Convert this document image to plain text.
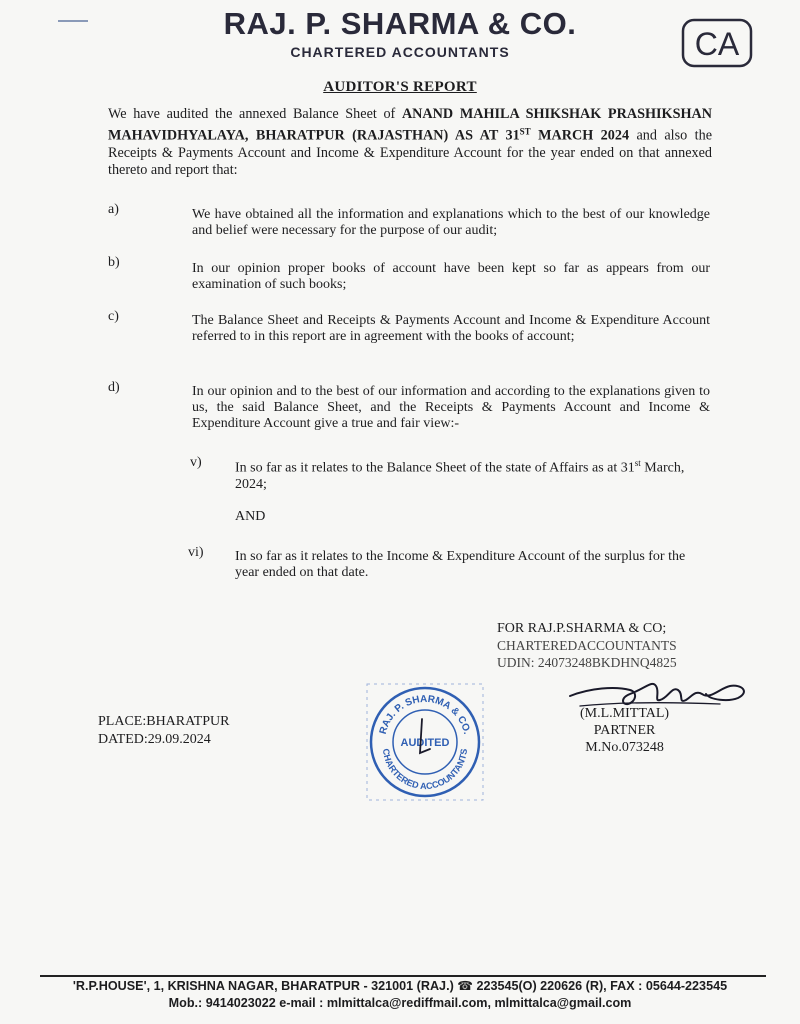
RAJ. P. SHARMA & CO.
CHARTERED ACCOUNTANTS	CA
AUDITOR'S REPORT
We have audited the annexed Balance Sheet of ANAND MAHILA SHIKSHAK PRASHIKSHAN MAHAVIDHYALAYA, BHARATPUR (RAJASTHAN) AS AT 31ST MARCH 2024 and also the Receipts & Payments Account and Income & Expenditure Account for the year ended on that annexed thereto and report that:
a)	We have obtained all the information and explanations which to the best of our knowledge and belief were necessary for the purpose of our audit;
b)	In our opinion proper books of account have been kept so far as appears from our examination of such books;
c)	The Balance Sheet and Receipts & Payments Account and Income & Expenditure Account referred to in this report are in agreement with the books of account;
d)	In our opinion and to the best of our information and according to the explanations given to us, the said Balance Sheet, and the Receipts & Payments Account and Income & Expenditure Account give a true and fair view:-
v) In so far as it relates to the Balance Sheet of the state of Affairs as at 31st March, 2024;
AND
vi) In so far as it relates to the Income & Expenditure Account of the surplus for the year ended on that date.
FOR RAJ.P.SHARMA & CO;
CHARTEREDACCOUNTANTS
UDIN: 24073248BKDHNQ4825
(M.L.MITTAL)
PARTNER
M.No.073248
PLACE:BHARATPUR
DATED:29.09.2024
RAJ. P. SHARMA & CO.
CHARTERED ACCOUNTANTS
AUDITED
'R.P.HOUSE', 1, KRISHNA NAGAR, BHARATPUR - 321001 (RAJ.) ☎ 223545(O) 220626 (R), FAX : 05644-223545
Mob.: 9414023022 e-mail : mlmittalca@rediffmail.com, mlmittalca@gmail.com
